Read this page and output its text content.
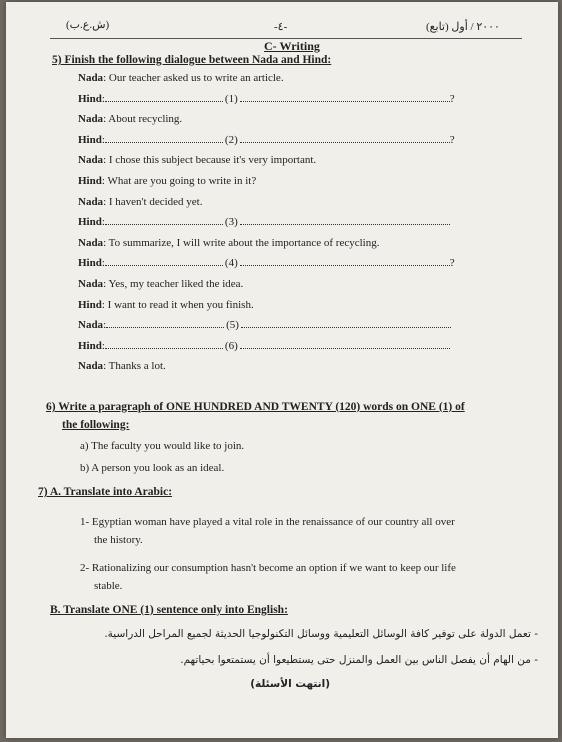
(ش.ع.ب)	-٤-	٢٠٠٠ / أول (تابع)
C- Writing
5) Finish the following dialogue between Nada and Hind:
Nada: Our teacher asked us to write an article.
Hind:	(1)	?
Nada: About recycling.
Hind:	(2)	?
Nada: I chose this subject because it's very important.
Hind: What are you going to write in it?
Nada: I haven't decided yet.
Hind:	(3)
Nada: To summarize, I will write about the importance of recycling.
Hind:	(4)	?
Nada: Yes, my teacher liked the idea.
Hind: I want to read it when you finish.
Nada:	(5)
Hind:	(6)
Nada: Thanks a lot.
6) Write a paragraph of ONE HUNDRED AND TWENTY (120) words on ONE (1) of
the following:
a) The faculty you would like to join.
b) A person you look as an ideal.
7) A. Translate into Arabic:
1- Egyptian woman have played a vital role in the renaissance of our country all over
the history.
2- Rationalizing our consumption hasn't become an option if we want to keep our life
stable.
B. Translate ONE (1) sentence only into English:
- تعمل الدولة على توفير كافة الوسائل التعليمية ووسائل التكنولوجيا الحديثة لجميع المراحل الدراسية.
- من الهام أن يفصل الناس بين العمل والمنزل حتى يستطيعوا أن يستمتعوا بحياتهم.
(انتهت الأسئلة)
